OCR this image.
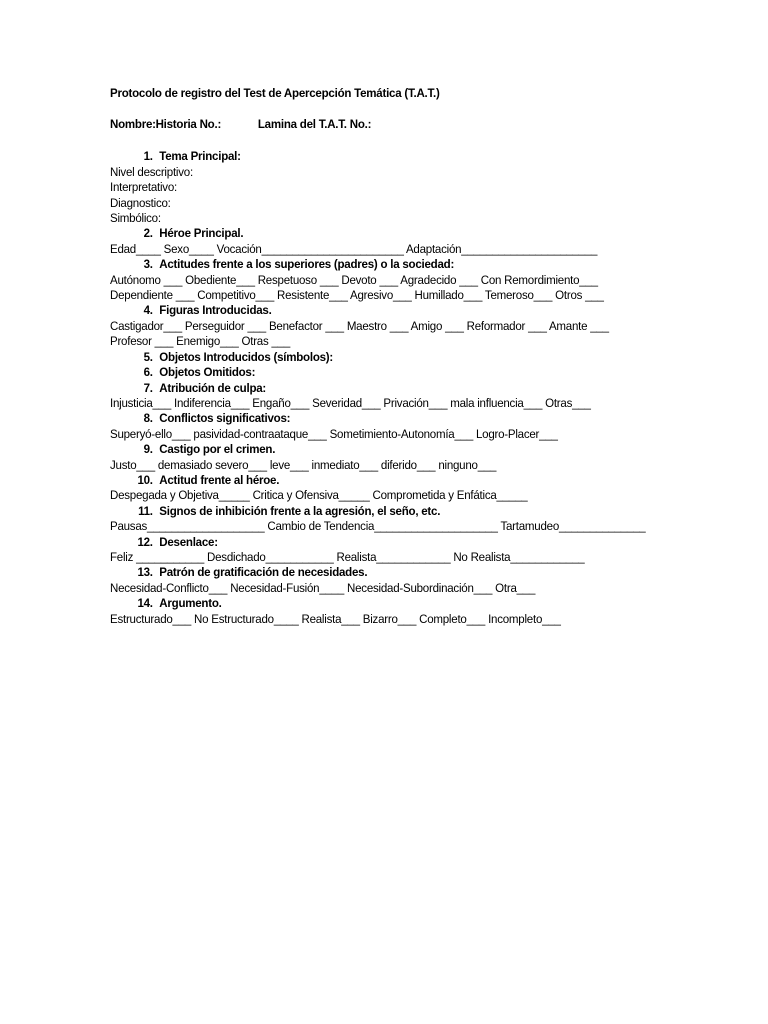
Protocolo de registro del Test de Apercepción Temática (T.A.T.)
Nombre: Historia No.:	Lamina del T.A.T. No.:
1. Tema Principal:
Nivel descriptivo:
Interpretativo:
Diagnostico:
Simbólico:
2. Héroe Principal.
Edad____ Sexo____ Vocación_______________________ Adaptación______________________
3. Actitudes frente a los superiores (padres) o la sociedad:
Autónomo ___ Obediente___ Respetuoso ___ Devoto ___ Agradecido ___ Con Remordimiento___
Dependiente ___ Competitivo___ Resistente___ Agresivo___ Humillado___ Temeroso___ Otros ___
4. Figuras Introducidas.
Castigador___ Perseguidor ___ Benefactor ___ Maestro ___ Amigo ___ Reformador ___ Amante ___
Profesor ___ Enemigo___ Otras ___
5. Objetos Introducidos (símbolos):
6. Objetos Omitidos:
7. Atribución de culpa:
Injusticia___ Indiferencia___ Engaño___ Severidad___ Privación___ mala influencia___ Otras___
8. Conflictos significativos:
Superyó-ello___ pasividad-contraataque___ Sometimiento-Autonomía___ Logro-Placer___
9. Castigo por el crimen.
Justo___ demasiado severo___ leve___ inmediato___ diferido___ ninguno___
10. Actitud frente al héroe.
Despegada y Objetiva_____ Critica y Ofensiva_____ Comprometida y Enfática_____
11. Signos de inhibición frente a la agresión, el seño, etc.
Pausas___________________ Cambio de Tendencia____________________ Tartamudeo______________
12. Desenlace:
Feliz ___________ Desdichado___________ Realista____________ No Realista____________
13. Patrón de gratificación de necesidades.
Necesidad-Conflicto___ Necesidad-Fusión____ Necesidad-Subordinación___ Otra___
14. Argumento.
Estructurado___ No Estructurado____ Realista___ Bizarro___ Completo___ Incompleto___
